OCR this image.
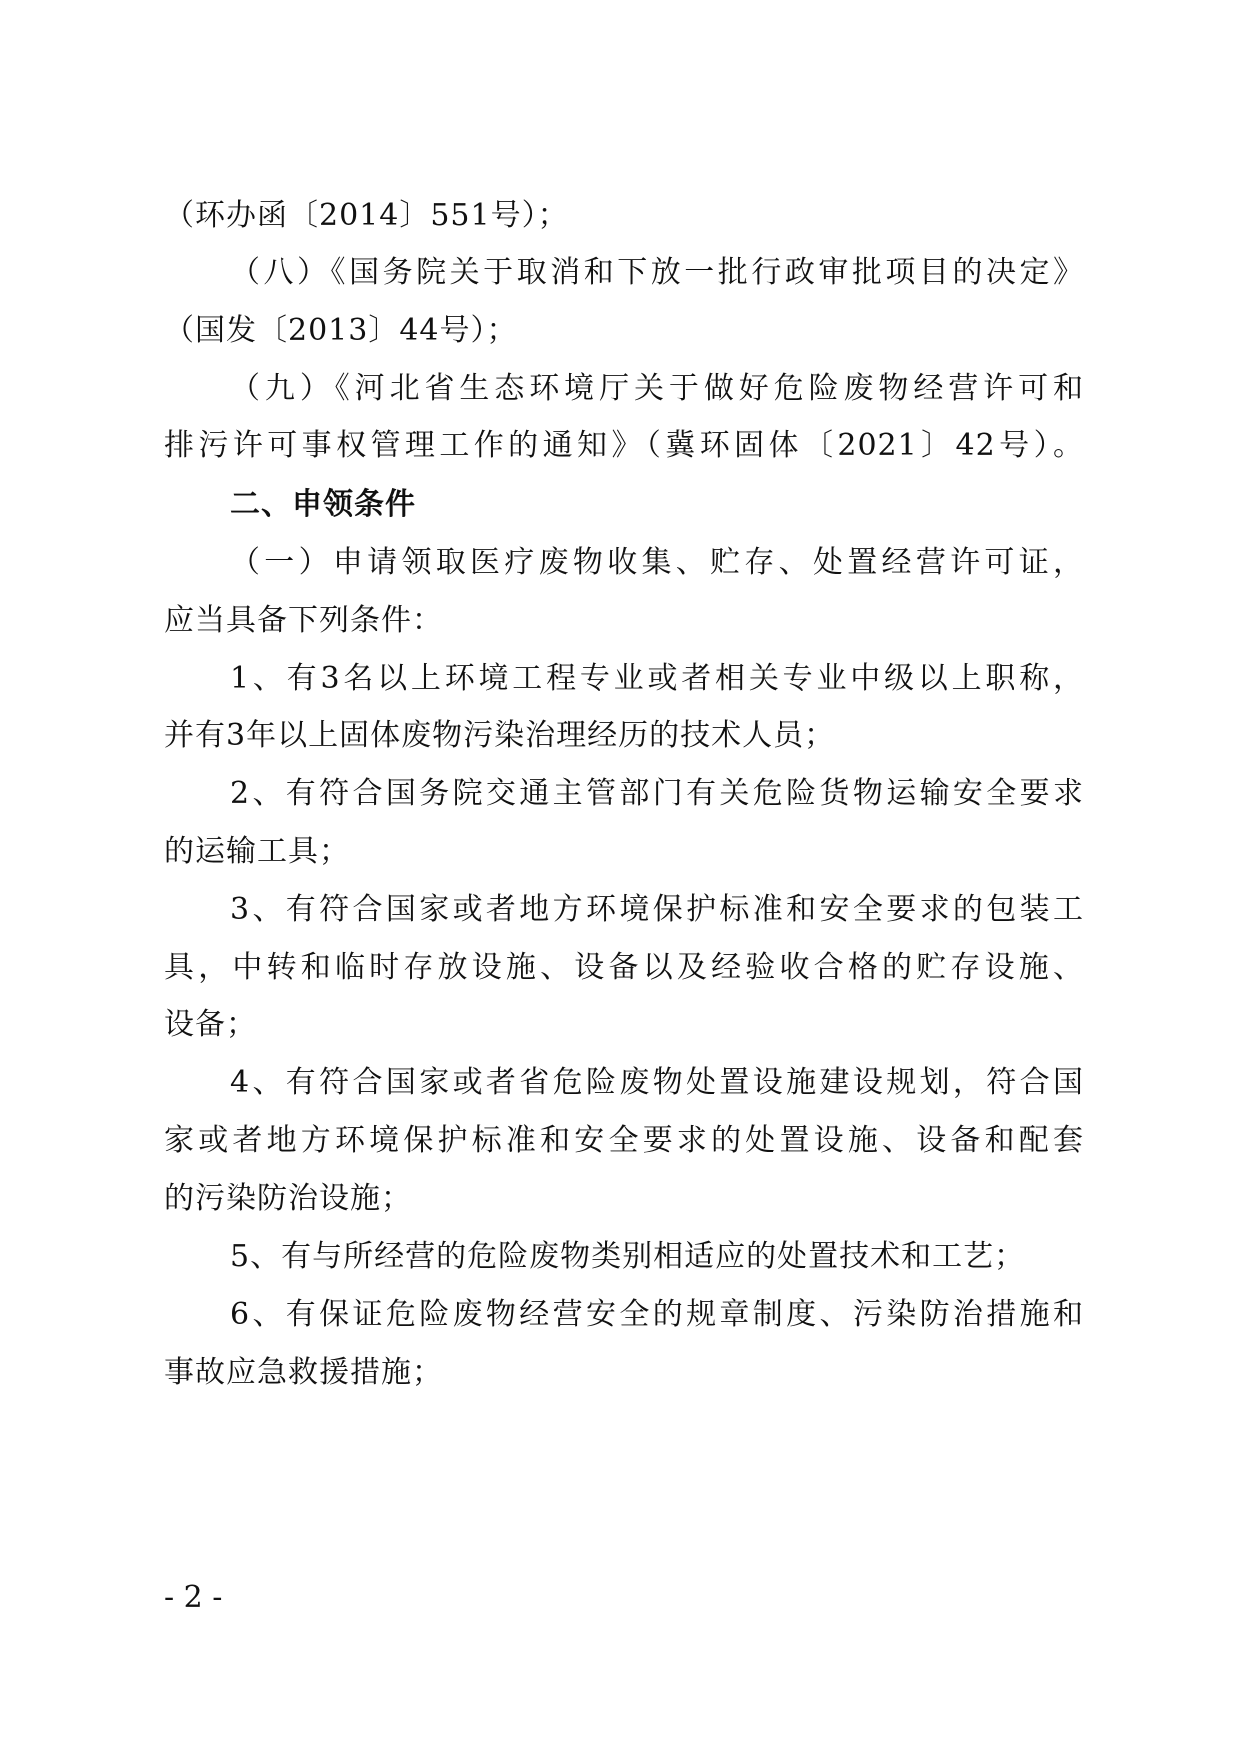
（环办函〔2014〕551号）；
（八）《国务院关于取消和下放一批行政审批项目的决定》
（国发〔2013〕44号）；
（九）《河北省生态环境厅关于做好危险废物经营许可和
排污许可事权管理工作的通知》（冀环固体〔2021〕42号）。
二、申领条件
（一）申请领取医疗废物收集、贮存、处置经营许可证，
应当具备下列条件：
1、有3名以上环境工程专业或者相关专业中级以上职称，
并有3年以上固体废物污染治理经历的技术人员；
2、有符合国务院交通主管部门有关危险货物运输安全要求
的运输工具；
3、有符合国家或者地方环境保护标准和安全要求的包装工
具，中转和临时存放设施、设备以及经验收合格的贮存设施、
设备；
4、有符合国家或者省危险废物处置设施建设规划，符合国
家或者地方环境保护标准和安全要求的处置设施、设备和配套
的污染防治设施；
5、有与所经营的危险废物类别相适应的处置技术和工艺；
6、有保证危险废物经营安全的规章制度、污染防治措施和
事故应急救援措施；
- 2 -
